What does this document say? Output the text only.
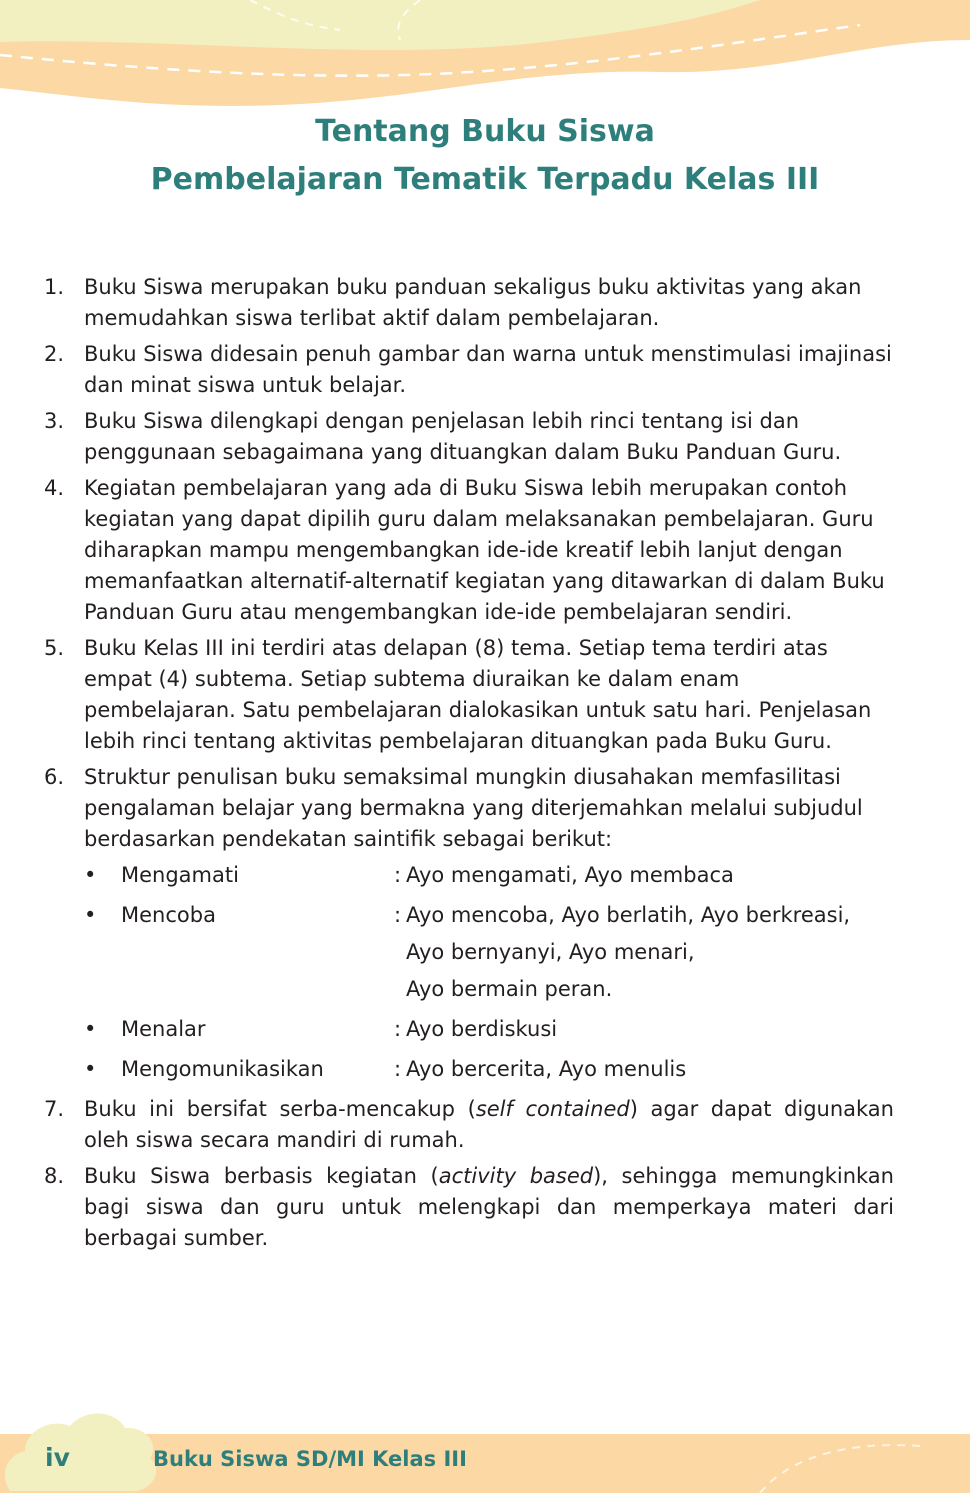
Tentang Buku Siswa
Pembelajaran Tematik Terpadu Kelas III
1. Buku Siswa merupakan buku panduan sekaligus buku aktivitas yang akan memudahkan siswa terlibat aktif dalam pembelajaran.
2. Buku Siswa didesain penuh gambar dan warna untuk menstimulasi imajinasi dan minat siswa untuk belajar.
3. Buku Siswa dilengkapi dengan penjelasan lebih rinci tentang isi dan penggunaan sebagaimana yang dituangkan dalam Buku Panduan Guru.
4. Kegiatan pembelajaran yang ada di Buku Siswa lebih merupakan contoh kegiatan yang dapat dipilih guru dalam melaksanakan pembelajaran. Guru diharapkan mampu mengembangkan ide-ide kreatif lebih lanjut dengan memanfaatkan alternatif-alternatif kegiatan yang ditawarkan di dalam Buku Panduan Guru atau mengembangkan ide-ide pembelajaran sendiri.
5. Buku Kelas III ini terdiri atas delapan (8) tema. Setiap tema terdiri atas empat (4) subtema. Setiap subtema diuraikan ke dalam enam pembelajaran. Satu pembelajaran dialokasikan untuk satu hari. Penjelasan lebih rinci tentang aktivitas pembelajaran dituangkan pada Buku Guru.
6. Struktur penulisan buku semaksimal mungkin diusahakan memfasilitasi pengalaman belajar yang bermakna yang diterjemahkan melalui subjudul berdasarkan pendekatan saintifik sebagai berikut:
• Mengamati	: Ayo mengamati, Ayo membaca
• Mencoba	: Ayo mencoba, Ayo berlatih, Ayo berkreasi,
Ayo bernyanyi, Ayo menari,
Ayo bermain peran.
• Menalar	: Ayo berdiskusi
• Mengomunikasikan	: Ayo bercerita, Ayo menulis
7. Buku ini bersifat serba-mencakup (self contained) agar dapat digunakan oleh siswa secara mandiri di rumah.
8. Buku Siswa berbasis kegiatan (activity based), sehingga memungkinkan bagi siswa dan guru untuk melengkapi dan memperkaya materi dari berbagai sumber.
iv	Buku Siswa SD/MI Kelas III
